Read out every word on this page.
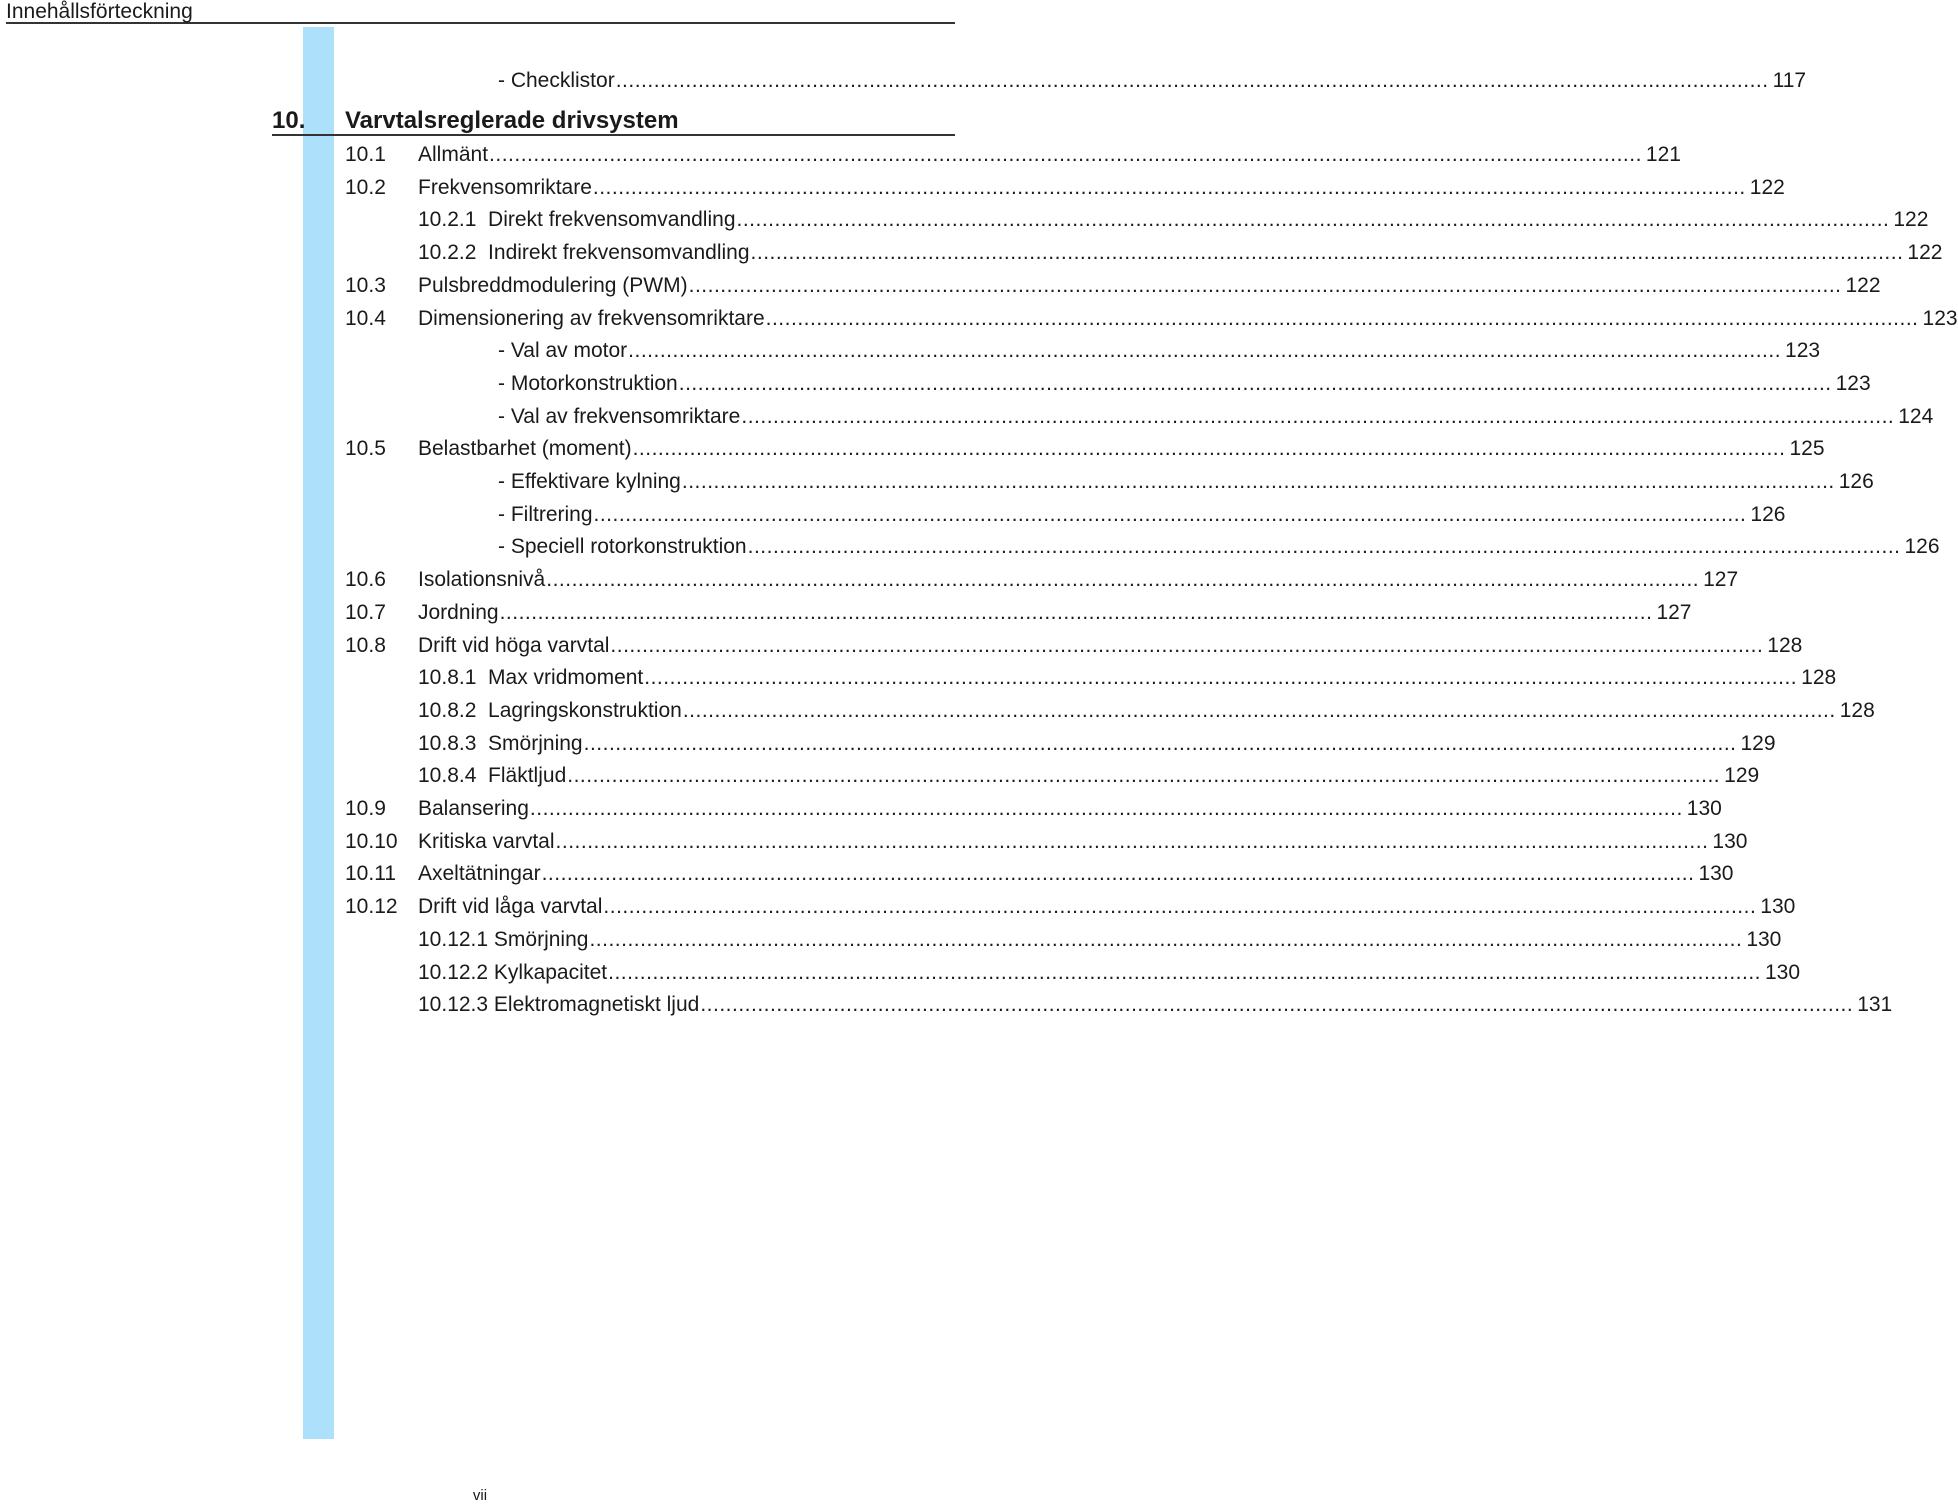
Innehållsförteckning
- Checklistor ...................................................................................................................................................................................... 117
10. Varvtalsreglerade drivsystem
10.1 Allmänt ...................................................................................................................................................................................... 121
10.2 Frekvensomriktare ...................................................................................................................................................................................... 122
10.2.1  Direkt frekvensomvandling ...................................................................................................................................................................................... 122
10.2.2  Indirekt frekvensomvandling ...................................................................................................................................................................................... 122
10.3 Pulsbreddmodulering (PWM) ...................................................................................................................................................................................... 122
10.4 Dimensionering av frekvensomriktare ...................................................................................................................................................................................... 123
- Val av motor ...................................................................................................................................................................................... 123
- Motorkonstruktion ...................................................................................................................................................................................... 123
- Val av frekvensomriktare ...................................................................................................................................................................................... 124
10.5 Belastbarhet (moment) ...................................................................................................................................................................................... 125
- Effektivare kylning ...................................................................................................................................................................................... 126
- Filtrering ...................................................................................................................................................................................... 126
- Speciell rotorkonstruktion ...................................................................................................................................................................................... 126
10.6 Isolationsnivå ...................................................................................................................................................................................... 127
10.7 Jordning ...................................................................................................................................................................................... 127
10.8 Drift vid höga varvtal ...................................................................................................................................................................................... 128
10.8.1  Max vridmoment ...................................................................................................................................................................................... 128
10.8.2  Lagringskonstruktion ...................................................................................................................................................................................... 128
10.8.3  Smörjning ...................................................................................................................................................................................... 129
10.8.4  Fläktljud ...................................................................................................................................................................................... 129
10.9 Balansering ...................................................................................................................................................................................... 130
10.10 Kritiska varvtal ...................................................................................................................................................................................... 130
10.11 Axeltätningar ...................................................................................................................................................................................... 130
10.12 Drift vid låga varvtal ...................................................................................................................................................................................... 130
10.12.1 Smörjning ...................................................................................................................................................................................... 130
10.12.2 Kylkapacitet ...................................................................................................................................................................................... 130
10.12.3 Elektromagnetiskt ljud ...................................................................................................................................................................................... 131
vii
